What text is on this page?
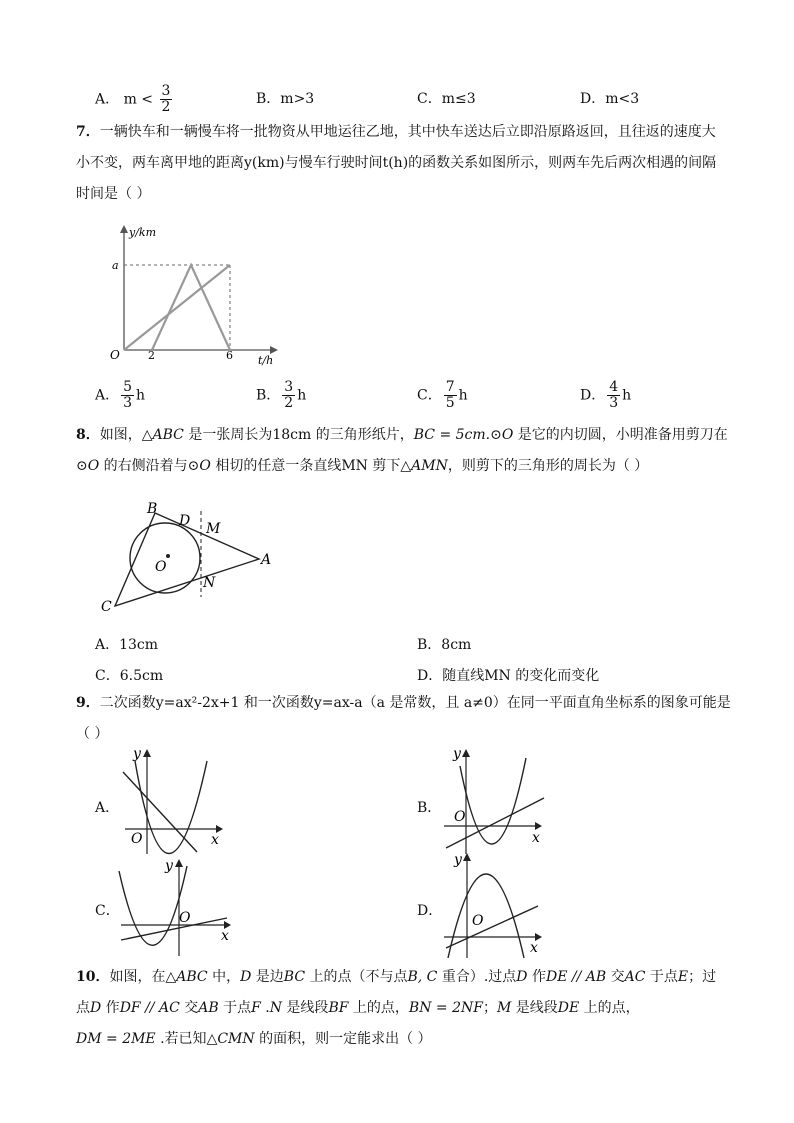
A． $m < \frac{3}{2}$	B．m>3	C．m≤3	D．m<3
7．一辆快车和一辆慢车将一批物资从甲地运往乙地，其中快车送达后立即沿原路返回，且往返的速度大
小不变，两车离甲地的距离y(km)与慢车行驶时间t(h)的函数关系如图所示，则两车先后两次相遇的间隔
时间是（ ）
y/km
a
O	2	6 t/h
A． $\frac{5}{3}$ h	B． $\frac{3}{2}$ h	C． $\frac{7}{5}$ h	D． $\frac{4}{3}$ h
8．如图，△ABC 是一张周长为18cm 的三角形纸片，BC = 5cm.⊙O 是它的内切圆，小明准备用剪刀在
⊙O 的右侧沿着与⊙O 相切的任意一条直线MN 剪下△AMN，则剪下的三角形的周长为（ ）
B
D M
A
O
N
C
A．13cm	B．8cm
C．6.5cm	D．随直线MN 的变化而变化
9．二次函数y=ax²-2x+1 和一次函数y=ax-a（a 是常数，且 a≠0）在同一平面直角坐标系的图象可能是
（ ）
A．
y
O	x
B．
y
O
x
C．
y
O
x
D．
y
O
x
10．如图，在△ABC 中，D 是边BC 上的点（不与点B, C 重合）.过点D 作DE // AB 交AC 于点E；过
点D 作DF // AC 交AB 于点F .N 是线段BF 上的点，BN = 2NF；M 是线段DE 上的点，
DM = 2ME .若已知△CMN 的面积，则一定能求出（ ）
